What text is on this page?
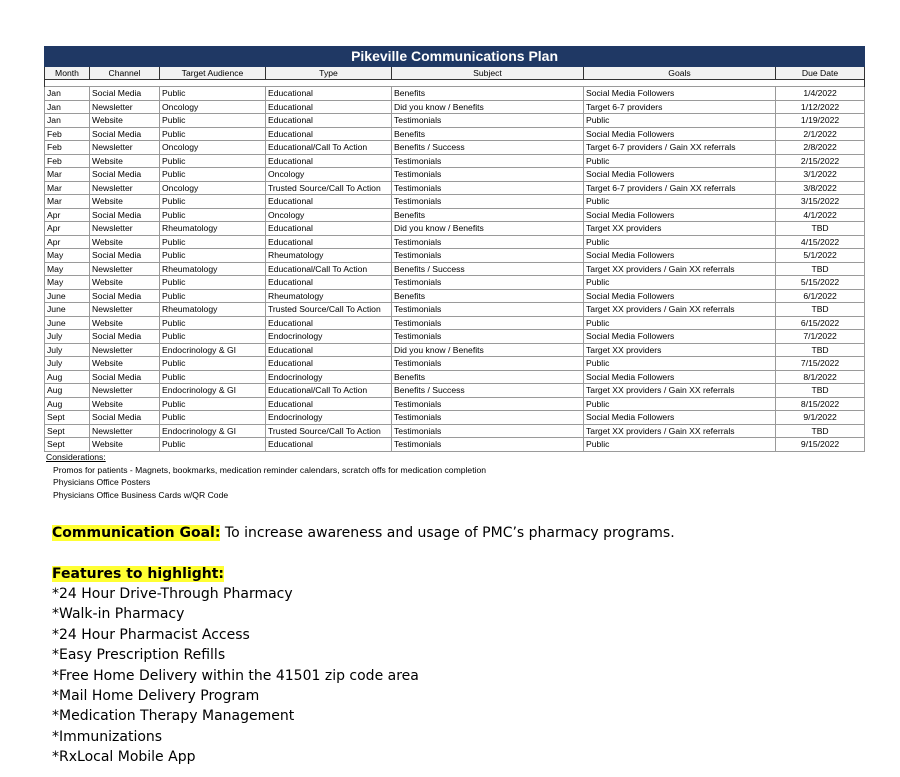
Pikeville Communications Plan						
Month	Channel	Target Audience	Type	Subject	Goals	Due Date

Jan	Social Media	Public	Educational	Benefits	Social Media Followers	1/4/2022
Jan	Newsletter	Oncology	Educational	Did you know / Benefits	Target 6-7 providers	1/12/2022
Jan	Website	Public	Educational	Testimonials	Public	1/19/2022
Feb	Social Media	Public	Educational	Benefits	Social Media Followers	2/1/2022
Feb	Newsletter	Oncology	Educational/Call To Action	Benefits / Success	Target 6-7 providers / Gain XX referrals	2/8/2022
Feb	Website	Public	Educational	Testimonials	Public	2/15/2022
Mar	Social Media	Public	Oncology	Testimonials	Social Media Followers	3/1/2022
Mar	Newsletter	Oncology	Trusted Source/Call To Action	Testimonials	Target 6-7 providers / Gain XX referrals	3/8/2022
Mar	Website	Public	Educational	Testimonials	Public	3/15/2022
Apr	Social Media	Public	Oncology	Benefits	Social Media Followers	4/1/2022
Apr	Newsletter	Rheumatology	Educational	Did you know / Benefits	Target XX providers	TBD
Apr	Website	Public	Educational	Testimonials	Public	4/15/2022
May	Social Media	Public	Rheumatology	Testimonials	Social Media Followers	5/1/2022
May	Newsletter	Rheumatology	Educational/Call To Action	Benefits / Success	Target XX providers / Gain XX referrals	TBD
May	Website	Public	Educational	Testimonials	Public	5/15/2022
June	Social Media	Public	Rheumatology	Benefits	Social Media Followers	6/1/2022
June	Newsletter	Rheumatology	Trusted Source/Call To Action	Testimonials	Target XX providers / Gain XX referrals	TBD
June	Website	Public	Educational	Testimonials	Public	6/15/2022
July	Social Media	Public	Endocrinology	Testimonials	Social Media Followers	7/1/2022
July	Newsletter	Endocrinology & GI	Educational	Did you know / Benefits	Target XX providers	TBD
July	Website	Public	Educational	Testimonials	Public	7/15/2022
Aug	Social Media	Public	Endocrinology	Benefits	Social Media Followers	8/1/2022
Aug	Newsletter	Endocrinology & GI	Educational/Call To Action	Benefits / Success	Target XX providers / Gain XX referrals	TBD
Aug	Website	Public	Educational	Testimonials	Public	8/15/2022
Sept	Social Media	Public	Endocrinology	Testimonials	Social Media Followers	9/1/2022
Sept	Newsletter	Endocrinology & GI	Trusted Source/Call To Action	Testimonials	Target XX providers / Gain XX referrals	TBD
Sept	Website	Public	Educational	Testimonials	Public	9/15/2022
Considerations:
Promos for patients - Magnets, bookmarks, medication reminder calendars, scratch offs for medication completion
Physicians Office Posters
Physicians Office Business Cards w/QR Code
Communication Goal: To increase awareness and usage of PMC’s pharmacy programs.
Features to highlight:
*24 Hour Drive-Through Pharmacy
*Walk-in Pharmacy
*24 Hour Pharmacist Access
*Easy Prescription Refills
*Free Home Delivery within the 41501 zip code area
*Mail Home Delivery Program
*Medication Therapy Management
*Immunizations
*RxLocal Mobile App
